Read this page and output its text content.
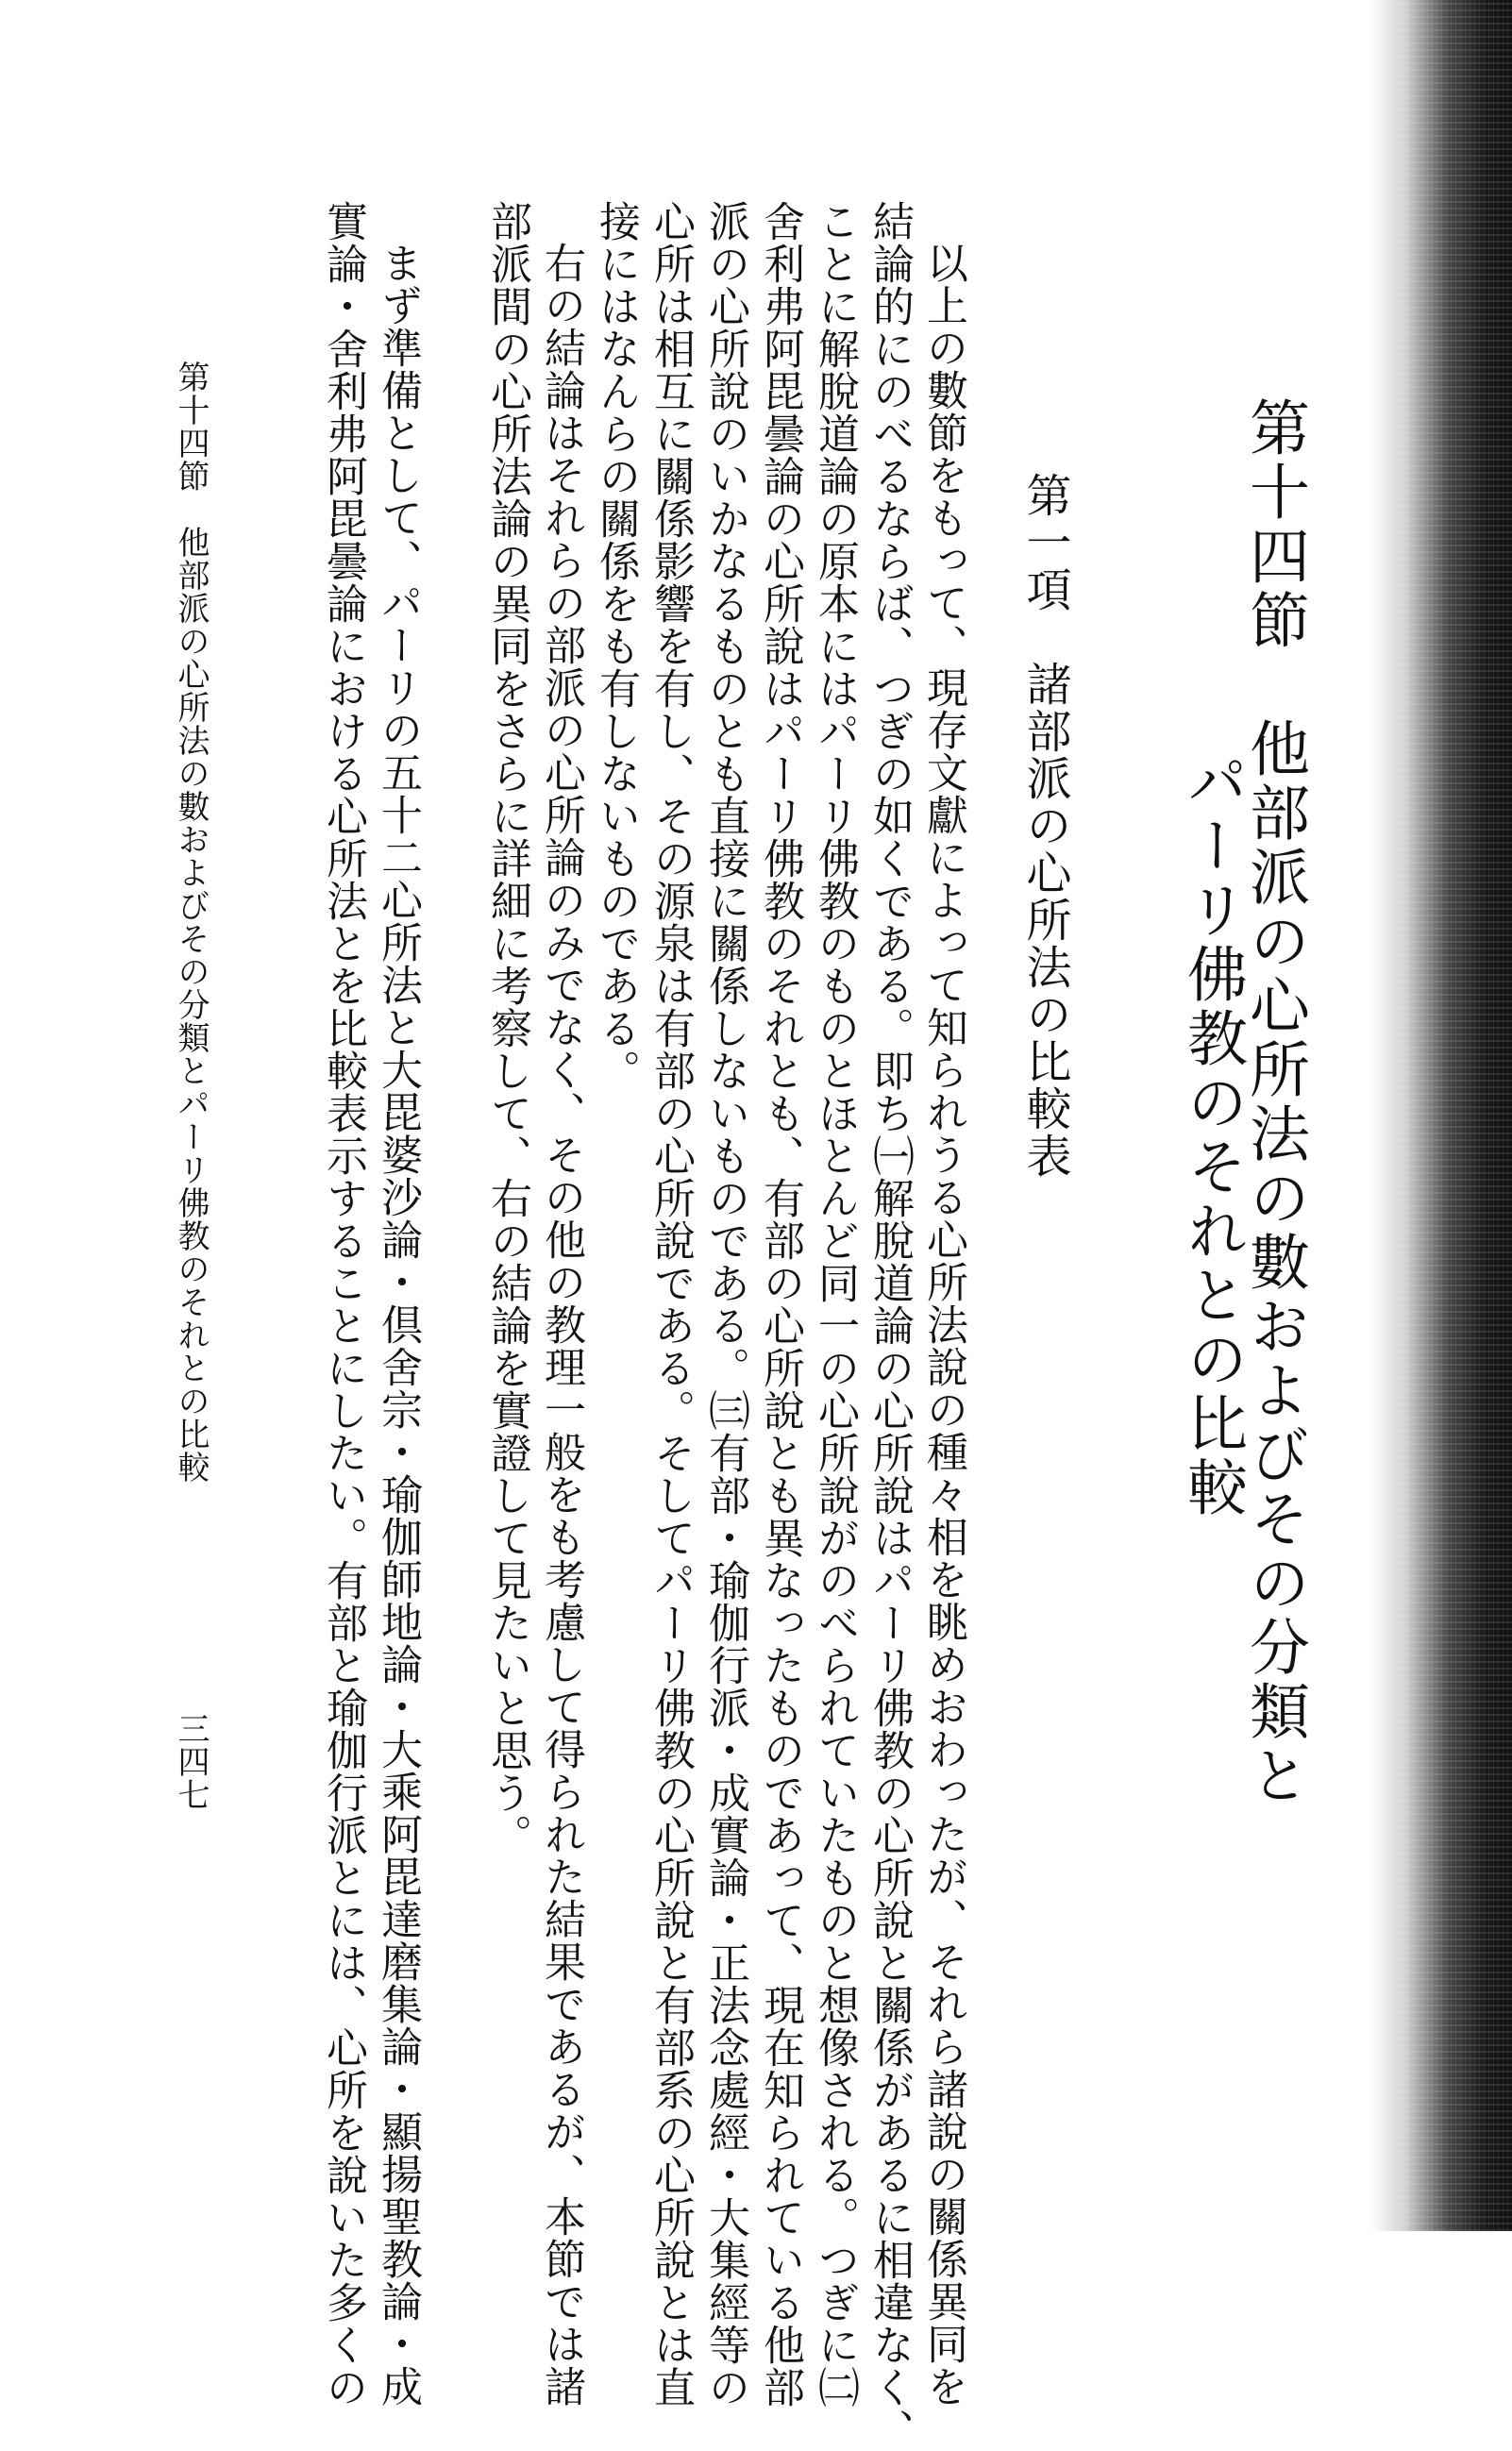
第十四節　他部派の心所法の數およびその分類と
パーリ佛教のそれとの比較
第一項　諸部派の心所法の比較表
以上の數節をもって、現存文獻によって知られうる心所法說の種々相を眺めおわったが、それら諸說の關係異同を
結論的にのべるならば、つぎの如くである。即ち㈠解脫道論の心所說はパーリ佛教の心所說と關係があるに相違なく、
ことに解脫道論の原本にはパーリ佛教のものとほとんど同一の心所說がのべられていたものと想像される。つぎに㈡
舍利弗阿毘曇論の心所說はパーリ佛教のそれとも、有部の心所說とも異なったものであって、現在知られている他部
派の心所說のいかなるものとも直接に關係しないものである。㈢有部・瑜伽行派・成實論・正法念處經・大集經等の
心所は相互に關係影響を有し、その源泉は有部の心所說である。そしてパーリ佛教の心所說と有部系の心所說とは直
接にはなんらの關係をも有しないものである。
右の結論はそれらの部派の心所論のみでなく、その他の教理一般をも考慮して得られた結果であるが、本節では諸
部派間の心所法論の異同をさらに詳細に考察して、右の結論を實證して見たいと思う。
まず準備として、パーリの五十二心所法と大毘婆沙論・倶舍宗・瑜伽師地論・大乘阿毘達磨集論・顯揚聖教論・成
實論・舍利弗阿毘曇論における心所法とを比較表示することにしたい。有部と瑜伽行派とには、心所を說いた多くの
第十四節　他部派の心所法の數およびその分類とパーリ佛教のそれとの比較
三四七
